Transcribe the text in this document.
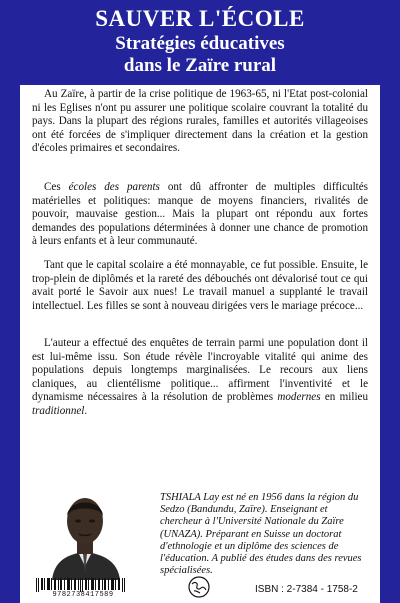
SAUVER L'ÉCOLE
Stratégies éducatives
dans le Zaïre rural

Au Zaïre, à partir de la crise politique de 1963-65, ni l'Etat post-colonial ni les Eglises n'ont pu assurer une politique scolaire couvrant la totalité du pays. Dans la plupart des régions rurales, familles et autorités villageoises ont été forcées de s'impliquer directement dans la création et la gestion d'écoles primaires et secondaires.

Ces écoles des parents ont dû affronter de multiples difficultés matérielles et politiques: manque de moyens financiers, rivalités de pouvoir, mauvaise gestion... Mais la plupart ont répondu aux fortes demandes des populations déterminées à donner une chance de promotion à leurs enfants et à leur communauté.

Tant que le capital scolaire a été monnayable, ce fut possible. Ensuite, le trop-plein de diplômés et la rareté des débouchés ont dévalorisé tout ce qui avait porté le Savoir aux nues! Le travail manuel a supplanté le travail intellectuel. Les filles se sont à nouveau dirigées vers le mariage précoce...

L'auteur a effectué des enquêtes de terrain parmi une population dont il est lui-même issu. Son étude révèle l'incroyable vitalité qui anime des populations depuis longtemps marginalisées. Le recours aux liens claniques, au clientélisme politique... affirment l'inventivité et le dynamisme nécessaires à la résolution de problèmes modernes en milieu traditionnel.

TSHIALA Lay est né en 1956 dans la région du Sedzo (Bandundu, Zaïre). Enseignant et chercheur à l'Université Nationale du Zaïre (UNAZA). Préparant en Suisse un doctorat d'ethnologie et un diplôme des sciences de l'éducation. A publié des études dans des revues spécialisées.

9782738417589	ISBN : 2-7384 - 1758-2
